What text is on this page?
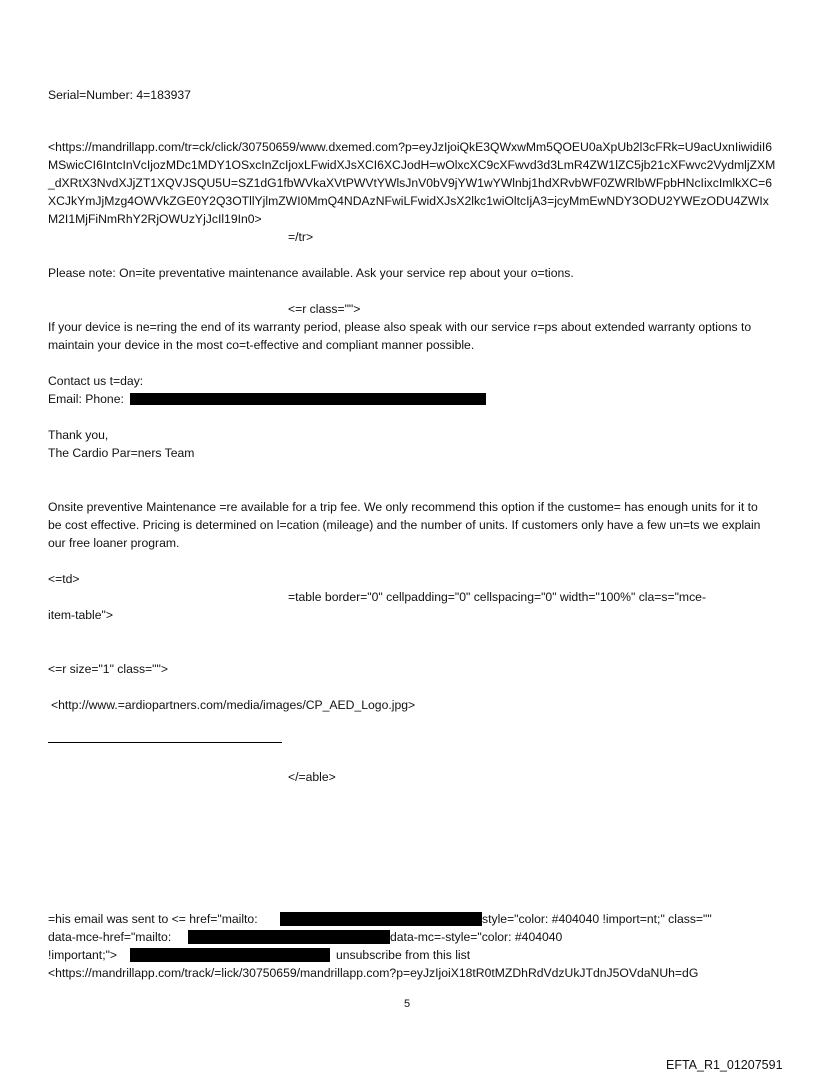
Serial=Number: 4=183937
<https://mandrillapp.com/tr=ck/click/30750659/www.dxemed.com?p=eyJzIjoiQkE3QWxwMm5QOEU0aXpUb2l3cFRk=U9acUxnIiwidiI6MSwicCI6IntcInVcIjozMDc1MDY1OSxcInZcIjoxLFwidXJsXCI6XCJodH=wOlxcXC9cXFwvd3d3LmR4ZW1lZC5jb21cXFwvc2VydmljZXM_dXRtX3NvdXJjZT1XQVJSQU5U=SZ1dG1fbWVkaXVtPWVtYWlsJnV0bV9jYW1wYWlnbj1hdXRvbWF0ZWRlbWFpbHNcIixcImlkXC=6XCJkYmJjMzg4OWVkZGE0Y2Q3OTllYjlmZWI0MmQ4NDAzNFwiLFwidXJsX2lkc1wiOltcIjA3=jcyMmEwNDY3ODU2YWEzODU4ZWIxM2I1MjFiNmRhY2RjOWUzYjJcIl19In0>
=/tr>
Please note: On=ite preventative maintenance available. Ask your service rep about your o=tions.
<=r class="">
If your device is ne=ring the end of its warranty period, please also speak with our service r=ps about extended warranty options to maintain your device in the most co=t-effective and compliant manner possible.
Contact us t=day:
Email: Phone:
Thank you,
The Cardio Par=ners Team
Onsite preventive Maintenance =re available for a trip fee. We only recommend this option if the custome= has enough units for it to be cost effective. Pricing is determined on l=cation (mileage) and the number of units. If customers only have a few un=ts we explain our free loaner program.
<=td>
=table border="0" cellpadding="0" cellspacing="0" width="100%" cla=s="mce-
item-table">
<=r size="1" class="">
<http://www.=ardiopartners.com/media/images/CP_AED_Logo.jpg>
</=able>
=his email was sent to <= href="mailto:	style="color: #404040 !import=nt;" class=""
data-mce-href="mailto:	data-mc=-style="color: #404040
!important;">	unsubscribe from this list
<https://mandrillapp.com/track/=lick/30750659/mandrillapp.com?p=eyJzIjoiX18tR0tMZDhRdVdzUkJTdnJ5OVdaNUh=dG
5
EFTA_R1_01207591
